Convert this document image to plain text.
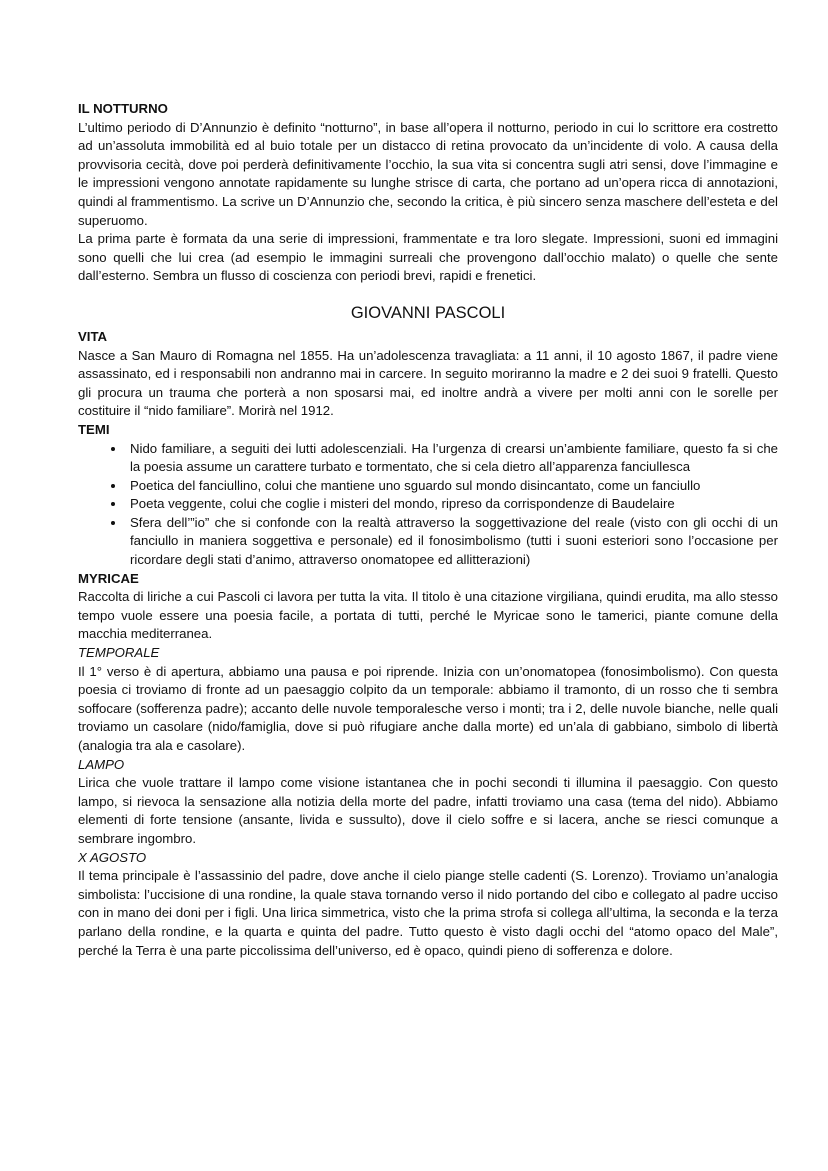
IL NOTTURNO

L’ultimo periodo di D’Annunzio è definito “notturno”, in base all’opera il notturno, periodo in cui lo scrittore era costretto ad un’assoluta immobilità ed al buio totale per un distacco di retina provocato da un’incidente di volo. A causa della provvisoria cecità, dove poi perderà definitivamente l’occhio, la sua vita si concentra sugli atri sensi, dove l’immagine e le impressioni vengono annotate rapidamente su lunghe strisce di carta, che portano ad un’opera ricca di annotazioni, quindi al frammentismo. La scrive un D’Annunzio che, secondo la critica, è più sincero senza maschere dell’esteta e del superuomo.

La prima parte è formata da una serie di impressioni, frammentate e tra loro slegate. Impressioni, suoni ed immagini sono quelli che lui crea (ad esempio le immagini surreali che provengono dall’occhio malato) o quelle che sente dall’esterno. Sembra un flusso di coscienza con periodi brevi, rapidi e frenetici.

GIOVANNI PASCOLI
VITA

Nasce a San Mauro di Romagna nel 1855. Ha un’adolescenza travagliata: a 11 anni, il 10 agosto 1867, il padre viene assassinato, ed i responsabili non andranno mai in carcere. In seguito moriranno la madre e 2 dei suoi 9 fratelli. Questo gli procura un trauma che porterà a non sposarsi mai, ed inoltre andrà a vivere per molti anni con le sorelle per costituire il “nido familiare”. Morirà nel 1912.

TEMI
• Nido familiare, a seguiti dei lutti adolescenziali. Ha l’urgenza di crearsi un’ambiente familiare, questo fa si che la poesia assume un carattere turbato e tormentato, che si cela dietro all’apparenza fanciullesca
• Poetica del fanciullino, colui che mantiene uno sguardo sul mondo disincantato, come un fanciullo
• Poeta veggente, colui che coglie i misteri del mondo, ripreso da corrispondenze di Baudelaire
• Sfera dell’”io” che si confonde con la realtà attraverso la soggettivazione del reale (visto con gli occhi di un fanciullo in maniera soggettiva e personale) ed il fonosimbolismo (tutti i suoni esteriori sono l’occasione per ricordare degli stati d’animo, attraverso onomatopee ed allitterazioni)
MYRICAE

Raccolta di liriche a cui Pascoli ci lavora per tutta la vita. Il titolo è una citazione virgiliana, quindi erudita, ma allo stesso tempo vuole essere una poesia facile, a portata di tutti, perché le Myricae sono le tamerici, piante comune della macchia mediterranea.

TEMPORALE

Il 1° verso è di apertura, abbiamo una pausa e poi riprende. Inizia con un’onomatopea (fonosimbolismo). Con questa poesia ci troviamo di fronte ad un paesaggio colpito da un temporale: abbiamo il tramonto, di un rosso che ti sembra soffocare (sofferenza padre); accanto delle nuvole temporalesche verso i monti; tra i 2, delle nuvole bianche, nelle quali troviamo un casolare (nido/famiglia, dove si può rifugiare anche dalla morte) ed un’ala di gabbiano, simbolo di libertà (analogia tra ala e casolare).

LAMPO

Lirica che vuole trattare il lampo come visione istantanea che in pochi secondi ti illumina il paesaggio. Con questo lampo, si rievoca la sensazione alla notizia della morte del padre, infatti troviamo una casa (tema del nido). Abbiamo elementi di forte tensione (ansante, livida e sussulto), dove il cielo soffre e si lacera, anche se riesci comunque a sembrare ingombro.

X AGOSTO

Il tema principale è l’assassinio del padre, dove anche il cielo piange stelle cadenti (S. Lorenzo). Troviamo un’analogia simbolista: l’uccisione di una rondine, la quale stava tornando verso il nido portando del cibo e collegato al padre ucciso con in mano dei doni per i figli. Una lirica simmetrica, visto che la prima strofa si collega all’ultima, la seconda e la terza parlano della rondine, e la quarta e quinta del padre. Tutto questo è visto dagli occhi del “atomo opaco del Male”, perché la Terra è una parte piccolissima dell’universo, ed è opaco, quindi pieno di sofferenza e dolore.
